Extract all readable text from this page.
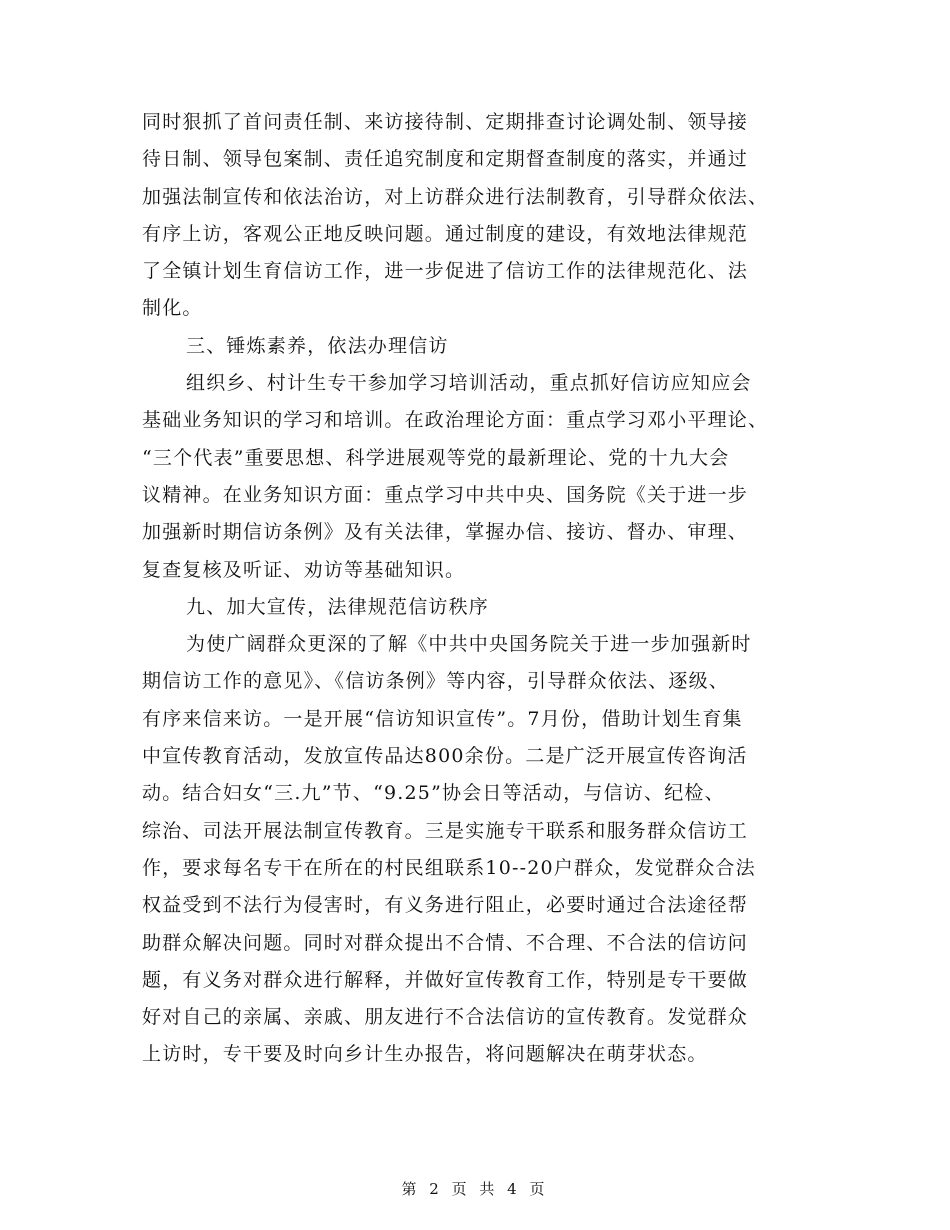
同时狠抓了首问责任制、来访接待制、定期排查讨论调处制、领导接
待日制、领导包案制、责任追究制度和定期督查制度的落实，并通过
加强法制宣传和依法治访，对上访群众进行法制教育，引导群众依法、
有序上访，客观公正地反映问题。通过制度的建设，有效地法律规范
了全镇计划生育信访工作，进一步促进了信访工作的法律规范化、法
制化。
三、锤炼素养，依法办理信访
组织乡、村计生专干参加学习培训活动，重点抓好信访应知应会
基础业务知识的学习和培训。在政治理论方面：重点学习邓小平理论、
“三个代表”重要思想、科学进展观等党的最新理论、党的十九大会
议精神。在业务知识方面：重点学习中共中央、国务院《关于进一步
加强新时期信访条例》及有关法律，掌握办信、接访、督办、审理、
复查复核及听证、劝访等基础知识。
九、加大宣传，法律规范信访秩序
为使广阔群众更深的了解《中共中央国务院关于进一步加强新时
期信访工作的意见》、《信访条例》等内容，引导群众依法、逐级、
有序来信来访。一是开展“信访知识宣传”。7月份，借助计划生育集
中宣传教育活动，发放宣传品达800余份。二是广泛开展宣传咨询活
动。结合妇女“三.九”节、“9.25”协会日等活动，与信访、纪检、
综治、司法开展法制宣传教育。三是实施专干联系和服务群众信访工
作，要求每名专干在所在的村民组联系10--20户群众，发觉群众合法
权益受到不法行为侵害时，有义务进行阻止，必要时通过合法途径帮
助群众解决问题。同时对群众提出不合情、不合理、不合法的信访问
题，有义务对群众进行解释，并做好宣传教育工作，特别是专干要做
好对自己的亲属、亲戚、朋友进行不合法信访的宣传教育。发觉群众
上访时，专干要及时向乡计生办报告，将问题解决在萌芽状态。
第 2 页 共 4 页
